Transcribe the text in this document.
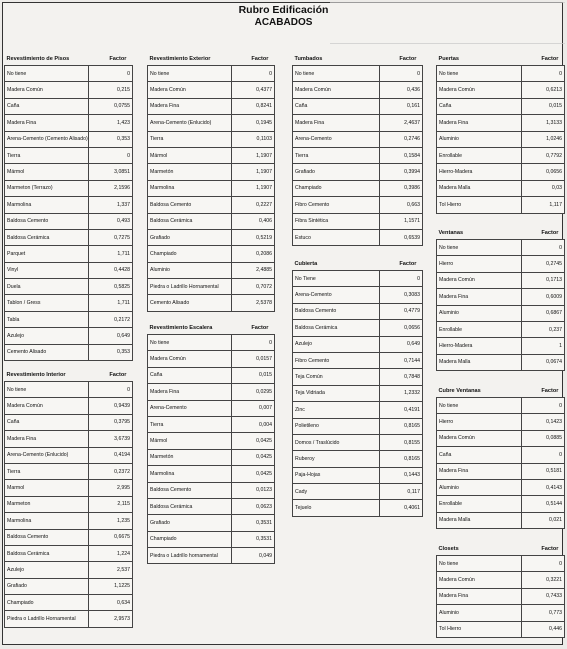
Rubro Edificación
ACABADOS
Revestimiento de Pisos	Factor
No tiene	0
Madera Común	0,215
Caña	0,0755
Madera Fina	1,423
Arena-Cemento (Cemento Alisado)	0,353
Tierra	0
Mármol	3,0851
Marmeton (Terrazo)	2,1596
Marmolina	1,337
Baldosa Cemento	0,493
Baldosa Cerámica	0,7275
Parquet	1,711
Vinyl	0,4428
Duela	0,5825
Tablon / Gress	1,711
Tabla	0,2172
Azulejo	0,649
Cemento Alisado	0,353
Revestimiento Exterior	Factor
No tiene	0
Madera Común	0,4377
Madera Fina	0,8241
Arena-Cemento (Enlucido)	0,1945
Tierra	0,1103
Mármol	1,1907
Marmetón	1,1907
Marmolina	1,1907
Baldosa Cemento	0,2227
Baldosa Cerámica	0,406
Grafiado	0,5219
Champiado	0,2086
Aluminio	2,4885
Piedra o Ladrillo Hornamental	0,7072
Cemento Alisado	2,5378
Revestimiento Escalera	Factor
No tiene	0
Madera Común	0,0157
Caña	0,015
Madera Fina	0,0295
Arena-Cemento	0,007
Tierra	0,004
Mármol	0,0425
Marmetón	0,0425
Marmolina	0,0425
Baldosa Cemento	0,0123
Baldosa Cerámica	0,0623
Grafiado	0,3531
Champiado	0,3531
Piedra o Ladrillo hornamental	0,049
Revestimiento Interior	Factor
No tiene	0
Madera Común	0,9439
Caña	0,3795
Madera Fina	3,6739
Arena-Cemento (Enlucido)	0,4194
Tierra	0,2372
Marmol	2,995
Marmeton	2,115
Marmolina	1,235
Baldosa Cemento	0,6675
Baldosa Cerámica	1,224
Azulejo	2,537
Grafiado	1,1225
Champiado	0,634
Piedra o Ladrillo Hornamental	2,9573
Tumbados	Factor
No tiene	0
Madera Común	0,436
Caña	0,161
Madera Fina	2,4637
Arena-Cemento	0,2746
Tierra	0,1584
Grafiado	0,3994
Champiado	0,3986
Fibro Cemento	0,663
Fibra Sintética	1,1571
Estuco	0,6539
Cubierta	Factor
No Tiene	0
Arena-Cemento	0,3083
Baldosa Cemento	0,4779
Baldosa Cerámica	0,0656
Azulejo	0,649
Fibro Cemento	0,7144
Teja Común	0,7848
Teja Vidriada	1,2332
Zinc	0,4191
Polietileno	0,8165
Domos / Traslúcido	0,8155
Ruberoy	0,8165
Paja-Hojas	0,1443
Cady	0,117
Tejuelo	0,4061
Puertas	Factor
No tiene	0
Madera Común	0,6213
Caña	0,015
Madera Fina	1,3133
Aluminio	1,0246
Enrollable	0,7792
Hierro-Madera	0,0656
Madera Malla	0,03
Tol Hierro	1,117
Ventanas	Factor
No tiene	0
Hierro	0,2745
Madera Común	0,1713
Madera Fina	0,6009
Aluminio	0,6867
Enrollable	0,237
Hierro-Madera	1
Madera Malla	0,0674
Cubre Ventanas	Factor
No tiene	0
Hierro	0,1423
Madera Común	0,0885
Caña	0
Madera Fina	0,5181
Aluminio	0,4143
Enrollable	0,5144
Madera Malla	0,021
Closets	Factor
No tiene	0
Madera Común	0,3221
Madera Fina	0,7433
Aluminio	0,773
Tol Hierro	0,446
